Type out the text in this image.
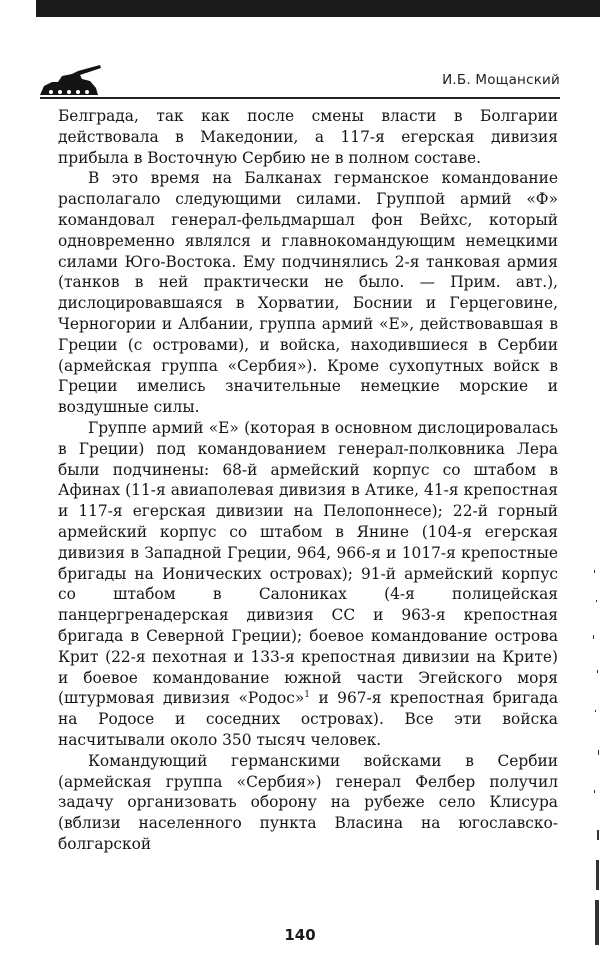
И.Б. Мощанский

Белграда, так как после смены власти в Болгарии действовала в Македонии, а 117-я егерская дивизия прибыла в Восточную Сербию не в полном составе.

В это время на Балканах германское командование располагало следующими силами. Группой армий «Ф» командовал генерал-фельдмаршал фон Вейхс, который одновременно являлся и главнокомандующим немецкими силами Юго-Востока. Ему подчинялись 2-я танковая армия (танков в ней практически не было. — Прим. авт.), дислоцировавшаяся в Хорватии, Боснии и Герцеговине, Черногории и Албании, группа армий «Е», действовавшая в Греции (с островами), и войска, находившиеся в Сербии (армейская группа «Сербия»). Кроме сухопутных войск в Греции имелись значительные немецкие морские и воздушные силы.

Группе армий «Е» (которая в основном дислоцировалась в Греции) под командованием генерал-полковника Лера были подчинены: 68-й армейский корпус со штабом в Афинах (11-я авиаполевая дивизия в Атике, 41-я крепостная и 117-я егерская дивизии на Пелопоннесе); 22-й горный армейский корпус со штабом в Янине (104-я егерская дивизия в Западной Греции, 964, 966-я и 1017-я крепостные бригады на Ионических островах); 91-й армейский корпус со штабом в Салониках (4-я полицейская панцергренадерская дивизия СС и 963-я крепостная бригада в Северной Греции); боевое командование острова Крит (22-я пехотная и 133-я крепостная дивизии на Крите) и боевое командование южной части Эгейского моря (штурмовая дивизия «Родос»$^1$ и 967-я крепостная бригада на Родосе и соседних островах). Все эти войска насчитывали около 350 тысяч человек.

Командующий германскими войсками в Сербии (армейская группа «Сербия») генерал Фелбер получил задачу организовать оборону на рубеже село Клисура (вблизи населенного пункта Власина на югославско-болгарской

140
